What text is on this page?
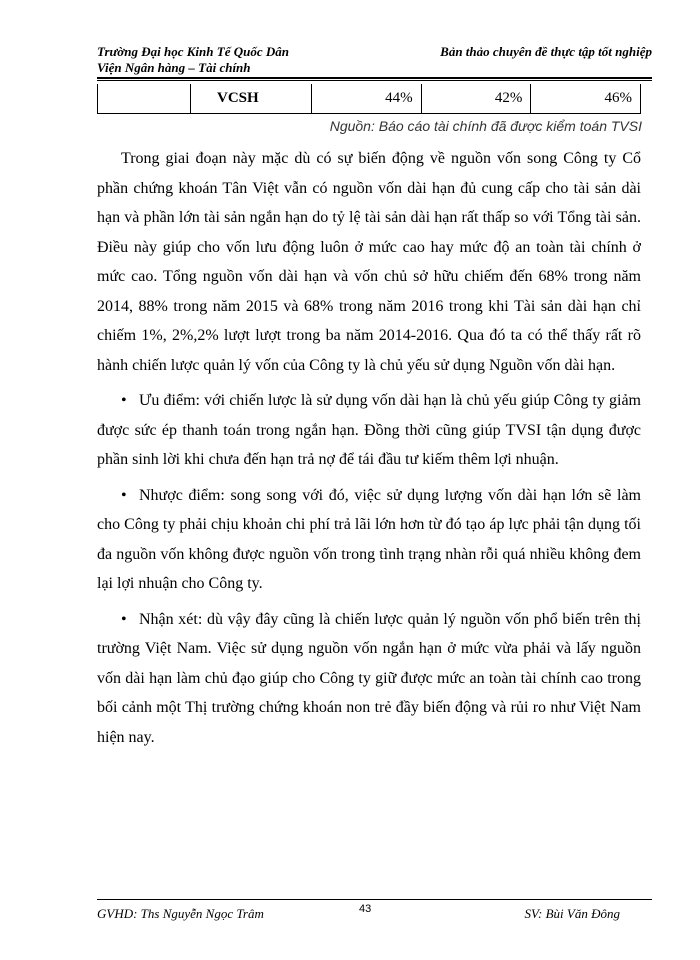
Trường Đại học Kinh Tế Quốc Dân
Viện Ngân hàng – Tài chính
Bản thảo chuyên đề thực tập tốt nghiệp
	VCSH	44%	42%	46%
Nguồn: Báo cáo tài chính đã được kiểm toán TVSI

Trong giai đoạn này mặc dù có sự biến động về nguồn vốn song Công ty Cổ phần chứng khoán Tân Việt vẫn có nguồn vốn dài hạn đủ cung cấp cho tài sản dài hạn và phần lớn tài sản ngắn hạn do tỷ lệ tài sản dài hạn rất thấp so với Tổng tài sản. Điều này giúp cho vốn lưu động luôn ở mức cao hay mức độ an toàn tài chính ở mức cao. Tổng nguồn vốn dài hạn và vốn chủ sở hữu chiếm đến 68% trong năm 2014, 88% trong năm 2015 và 68% trong năm 2016 trong khi Tài sản dài hạn chỉ chiếm 1%, 2%,2% lượt lượt trong ba năm 2014-2016. Qua đó ta có thể thấy rất rõ hành chiến lược quản lý vốn của Công ty là chủ yếu sử dụng Nguồn vốn dài hạn.

• Ưu điểm: với chiến lược là sử dụng vốn dài hạn là chủ yếu giúp Công ty giảm được sức ép thanh toán trong ngắn hạn. Đồng thời cũng giúp TVSI tận dụng được phần sinh lời khi chưa đến hạn trả nợ để tái đầu tư kiếm thêm lợi nhuận.

• Nhược điểm: song song với đó, việc sử dụng lượng vốn dài hạn lớn sẽ làm cho Công ty phải chịu khoản chi phí trả lãi lớn hơn từ đó tạo áp lực phải tận dụng tối đa nguồn vốn không được nguồn vốn trong tình trạng nhàn rỗi quá nhiều không đem lại lợi nhuận cho Công ty.

• Nhận xét: dù vậy đây cũng là chiến lược quản lý nguồn vốn phổ biến trên thị trường Việt Nam. Việc sử dụng nguồn vốn ngắn hạn ở mức vừa phải và lấy nguồn vốn dài hạn làm chủ đạo giúp cho Công ty giữ được mức an toàn tài chính cao trong bối cảnh một Thị trường chứng khoán non trẻ đầy biến động và rủi ro như Việt Nam hiện nay.

GVHD: Ths Nguyễn Ngọc Trâm	43	SV: Bùi Văn Đông
